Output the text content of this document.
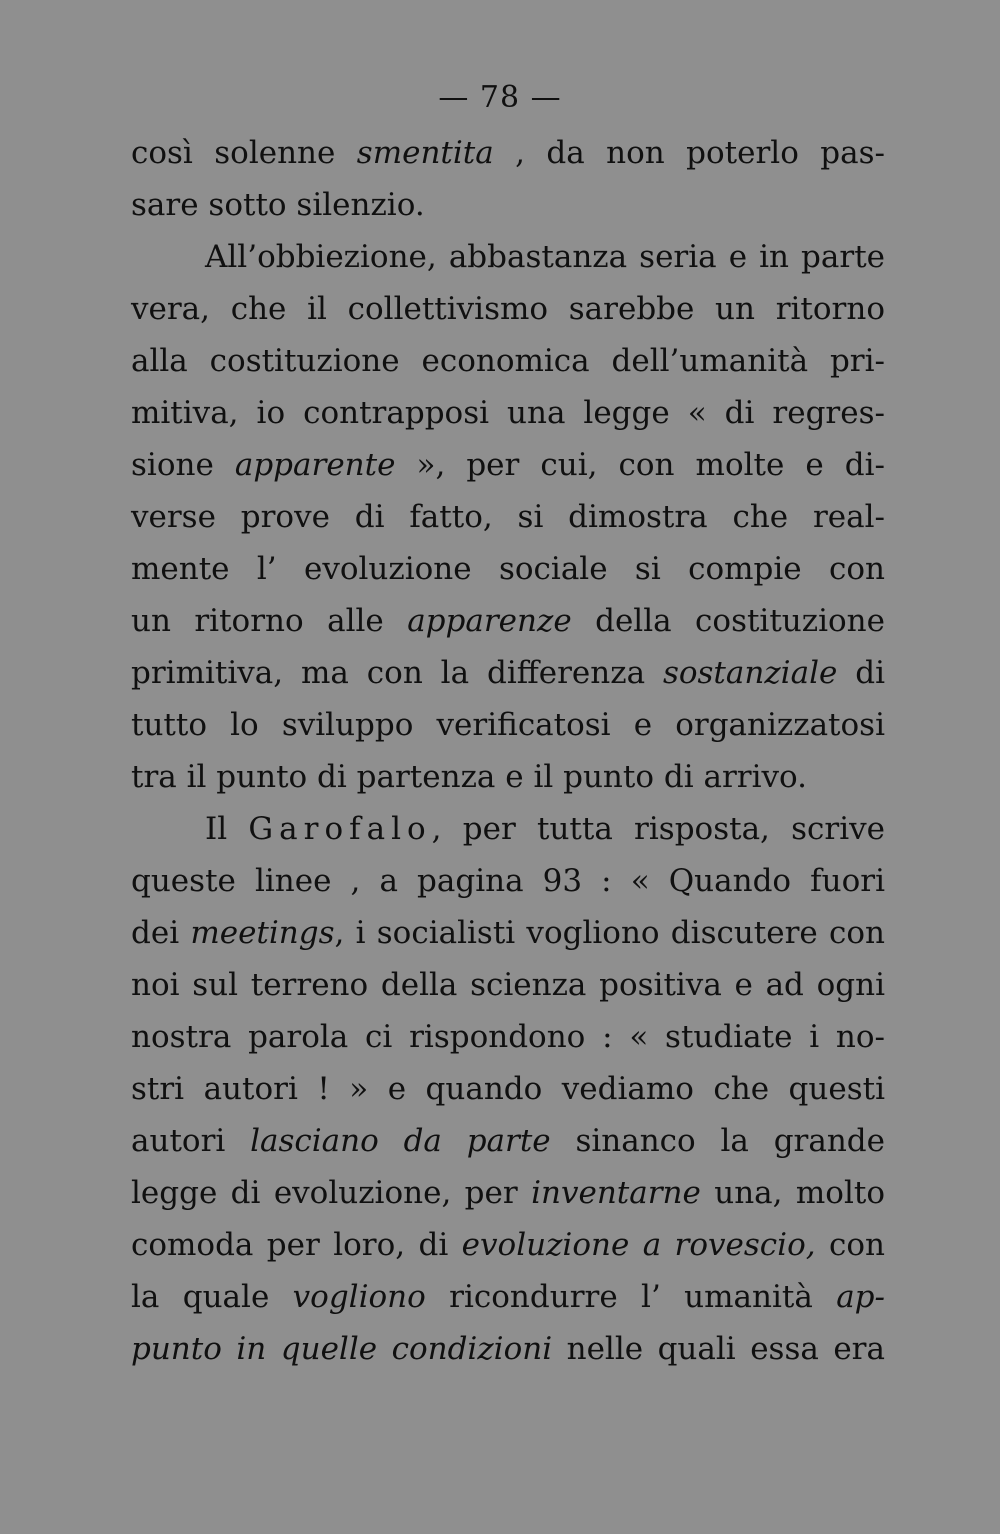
— 78 —
così solenne smentita , da non poterlo pas-
sare sotto silenzio.
All’obbiezione, abbastanza seria e in parte
vera, che il collettivismo sarebbe un ritorno
alla costituzione economica dell’umanità pri-
mitiva, io contrapposi una legge « di regres-
sione apparente », per cui, con molte e di-
verse prove di fatto, si dimostra che real-
mente l’ evoluzione sociale si compie con
un ritorno alle apparenze della costituzione
primitiva, ma con la differenza sostanziale di
tutto lo sviluppo verificatosi e organizzatosi
tra il punto di partenza e il punto di arrivo.
Il Garofalo, per tutta risposta, scrive
queste linee , a pagina 93 : « Quando fuori
dei meetings, i socialisti vogliono discutere con
noi sul terreno della scienza positiva e ad ogni
nostra parola ci rispondono : « studiate i no-
stri autori ! » e quando vediamo che questi
autori lasciano da parte sinanco la grande
legge di evoluzione, per inventarne una, molto
comoda per loro, di evoluzione a rovescio, con
la quale vogliono ricondurre l’ umanità ap-
punto in quelle condizioni nelle quali essa era
